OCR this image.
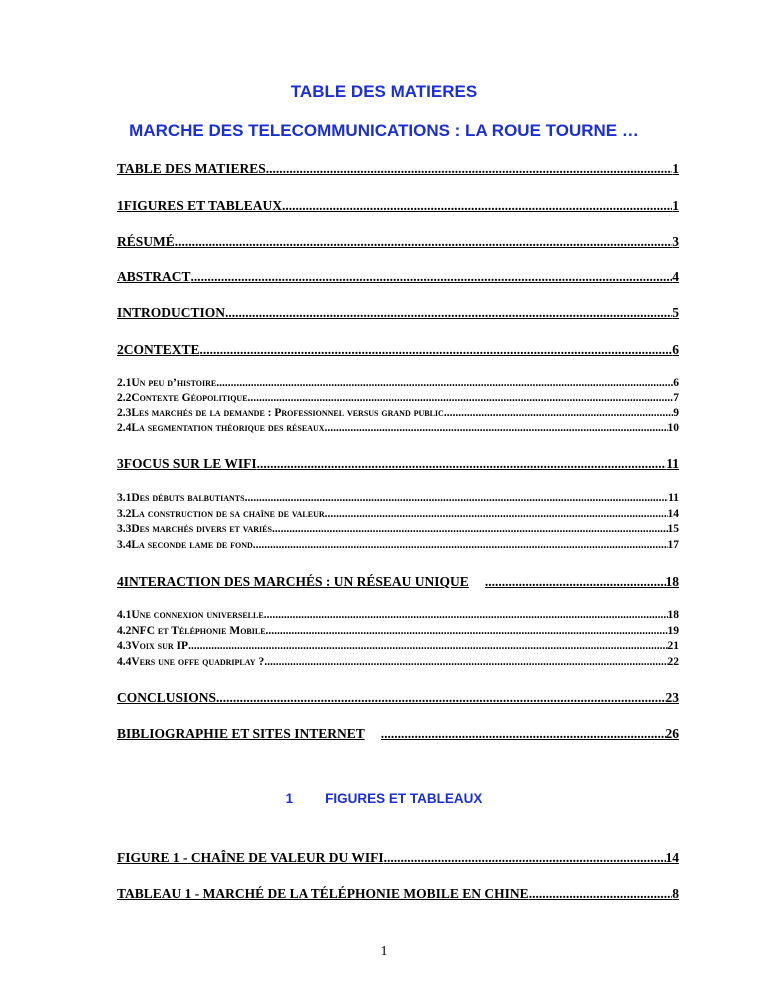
TABLE DES MATIERES
MARCHE DES TELECOMMUNICATIONS : LA ROUE TOURNE …
TABLE DES MATIERES .....	1
1FIGURES ET TABLEAUX .....	1
RÉSUMÉ .....	3
ABSTRACT .....	4
INTRODUCTION .....	5
2CONTEXTE .....	6
2.1Un peu d’histoire .....	6
2.2Contexte Géopolitique .....	7
2.3Les marchés de la demande : Professionnel versus grand public .....	9
2.4La segmentation théorique des réseaux .....	10
3FOCUS SUR LE WIFI .....	11
3.1Des débuts balbutiants .....	11
3.2La construction de sa chaîne de valeur .....	14
3.3Des marchés divers et variés .....	15
3.4La seconde lame de fond .....	17
4INTERACTION DES MARCHÉS : UN RÉSEAU UNIQUE .....	18
4.1Une connexion universelle .....	18
4.2NFC et Téléphonie Mobile .....	19
4.3Voix sur IP .....	21
4.4Vers une offe quadriplay ? .....	22
CONCLUSIONS .....	23
BIBLIOGRAPHIE ET SITES INTERNET .....	26
1 FIGURES ET TABLEAUX
FIGURE 1 - CHAÎNE DE VALEUR DU WIFI .....	14
TABLEAU 1 - MARCHÉ DE LA TÉLÉPHONIE MOBILE EN CHINE .....	8
1
